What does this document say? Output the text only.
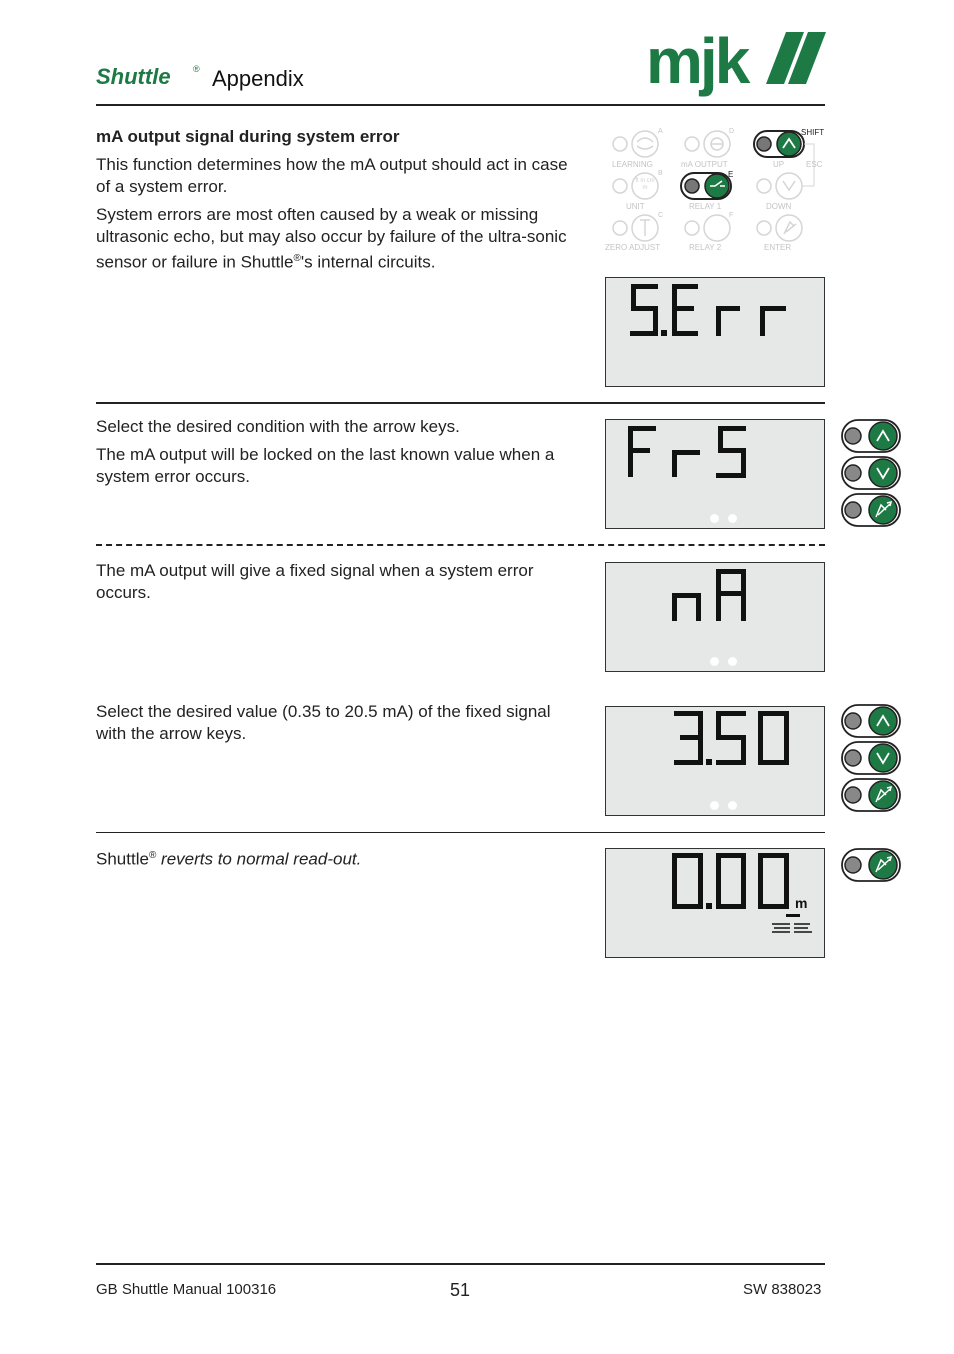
Shuttle ® Appendix	mjk
mA output signal during system error

This function determines how the mA output should act in case of a system error.

System errors are most often caused by a weak or missing ultrasonic echo, but may also occur by failure of the ultra-sonic sensor or failure in Shuttle®'s internal circuits.

LEARNING	mA OUTPUT	UP	ESC
UNIT	RELAY 1	DOWN
ZERO ADJUST	RELAY 2	ENTER
A	D
B	E
C	F
SHIFT
ft in cm m

Select the desired condition with the arrow keys.

The mA output will be locked on the last known value when a system error occurs.

The mA output will give a fixed signal when a system error occurs.

Select the desired value (0.35 to 20.5 mA) of the fixed signal with the arrow keys.

Shuttle® reverts to normal read-out.

m
GB Shuttle Manual 100316	51	SW 838023
